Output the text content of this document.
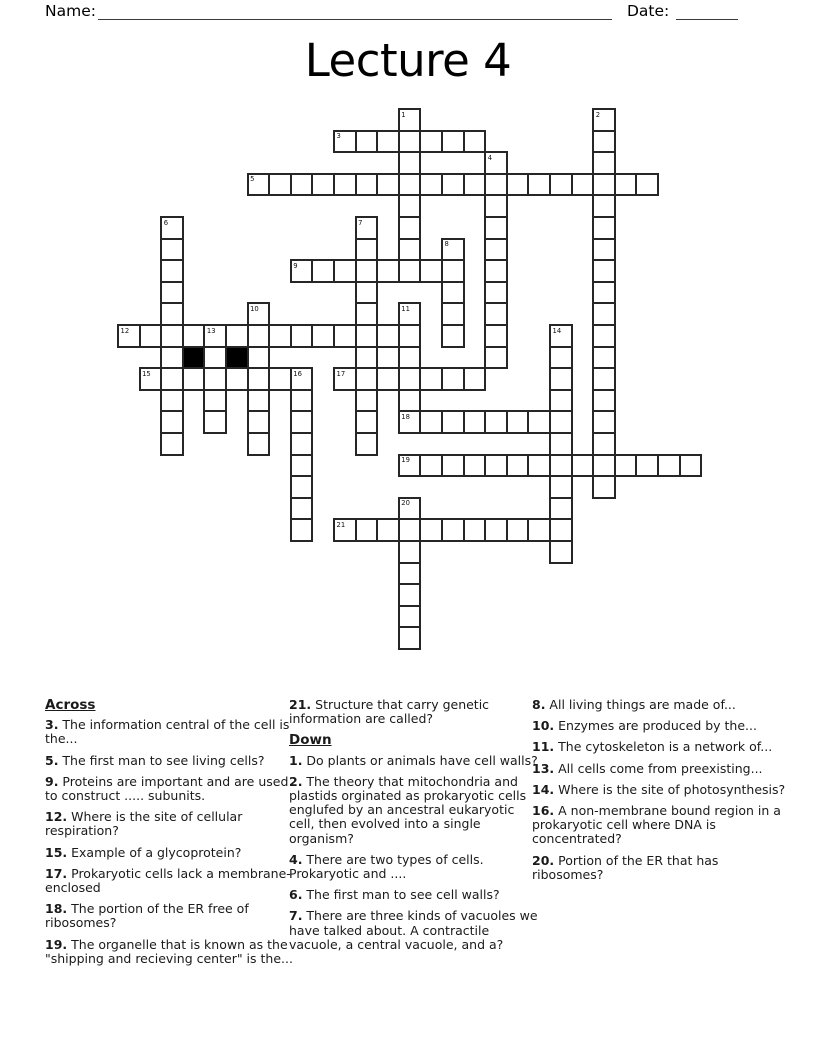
Name:	Date:
Lecture 4
1	2
3
4
5
6	7
8
9
10	11
18
12	13	14
15	16	17
19
20
21
Across

3. The information central of the cell is the...

5. The first man to see living cells?

9. Proteins are important and are used to construct ..... subunits.

12. Where is the site of cellular respiration?

15. Example of a glycoprotein?

17. Prokaryotic cells lack a membrane-enclosed

18. The portion of the ER free of ribosomes?

19. The organelle that is known as the "shipping and recieving center" is the...

21. Structure that carry genetic information are called?

Down

1. Do plants or animals have cell walls?

2. The theory that mitochondria and plastids orginated as prokaryotic cells englufed by an ancestral eukaryotic cell, then evolved into a single organism?

4. There are two types of cells. Prokaryotic and ....

6. The first man to see cell walls?

7. There are three kinds of vacuoles we have talked about. A contractile vacuole, a central vacuole, and a?

8. All living things are made of...

10. Enzymes are produced by the...

11. The cytoskeleton is a network of...

13. All cells come from preexisting...

14. Where is the site of photosynthesis?

16. A non-membrane bound region in a prokaryotic cell where DNA is concentrated?

20. Portion of the ER that has ribosomes?
